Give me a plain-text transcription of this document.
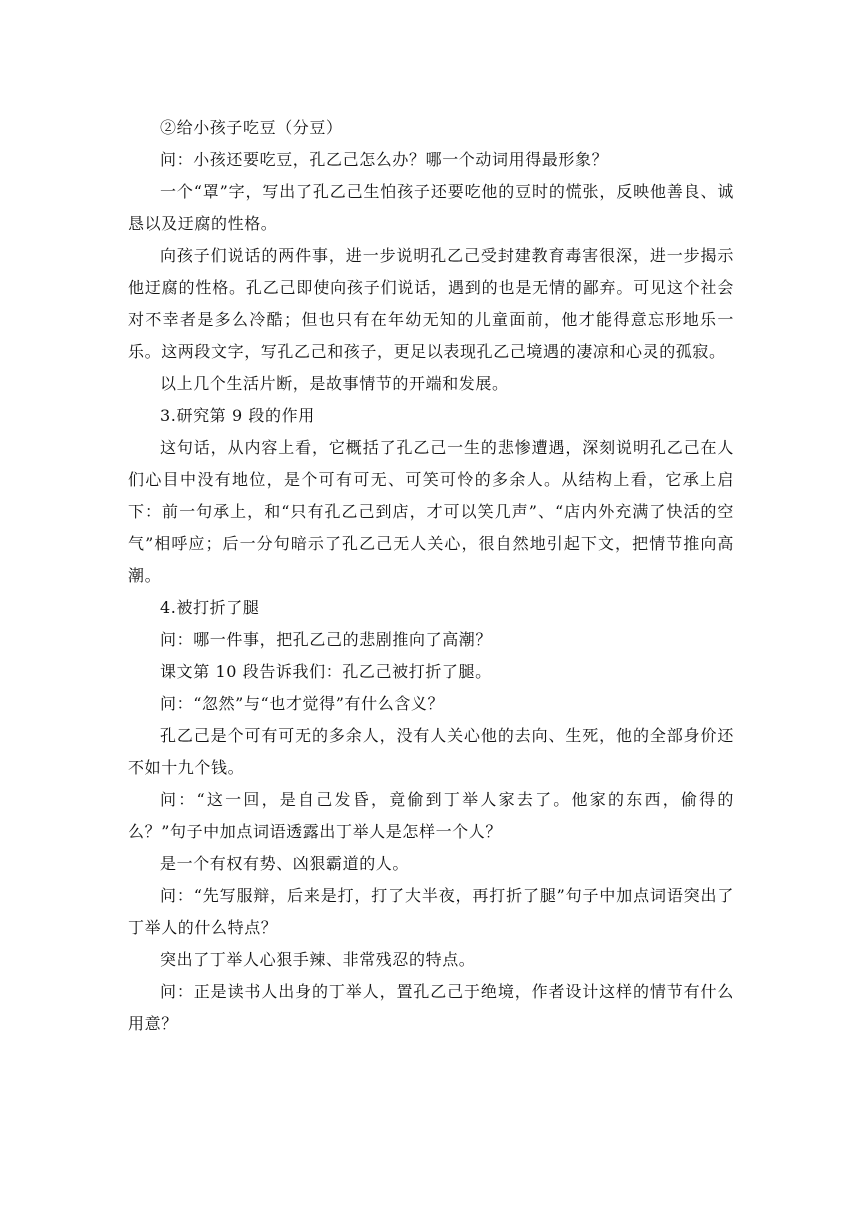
②给小孩子吃豆（分豆）

问：小孩还要吃豆，孔乙己怎么办？哪一个动词用得最形象？

一个“罩”字，写出了孔乙己生怕孩子还要吃他的豆时的慌张，反映他善良、诚恳以及迂腐的性格。

向孩子们说话的两件事，进一步说明孔乙己受封建教育毒害很深，进一步揭示他迂腐的性格。孔乙己即使向孩子们说话，遇到的也是无情的鄙弃。可见这个社会对不幸者是多么冷酷；但也只有在年幼无知的儿童面前，他才能得意忘形地乐一乐。这两段文字，写孔乙己和孩子，更足以表现孔乙己境遇的凄凉和心灵的孤寂。

以上几个生活片断，是故事情节的开端和发展。

3.研究第 9 段的作用

这句话，从内容上看，它概括了孔乙己一生的悲惨遭遇，深刻说明孔乙己在人们心目中没有地位，是个可有可无、可笑可怜的多余人。从结构上看，它承上启下：前一句承上，和“只有孔乙己到店，才可以笑几声”、“店内外充满了快活的空气”相呼应；后一分句暗示了孔乙己无人关心，很自然地引起下文，把情节推向高潮。

4.被打折了腿

问：哪一件事，把孔乙己的悲剧推向了高潮？

课文第 10 段告诉我们：孔乙己被打折了腿。

问：“忽然”与“也才觉得”有什么含义？

孔乙己是个可有可无的多余人，没有人关心他的去向、生死，他的全部身价还不如十九个钱。

问：“这一回，是自己发昏，竟偷到丁举人家去了。他家的东西，偷得的么？”句子中加点词语透露出丁举人是怎样一个人？

是一个有权有势、凶狠霸道的人。

问：“先写服辩，后来是打，打了大半夜，再打折了腿”句子中加点词语突出了丁举人的什么特点？

突出了丁举人心狠手辣、非常残忍的特点。

问：正是读书人出身的丁举人，置孔乙己于绝境，作者设计这样的情节有什么用意？
